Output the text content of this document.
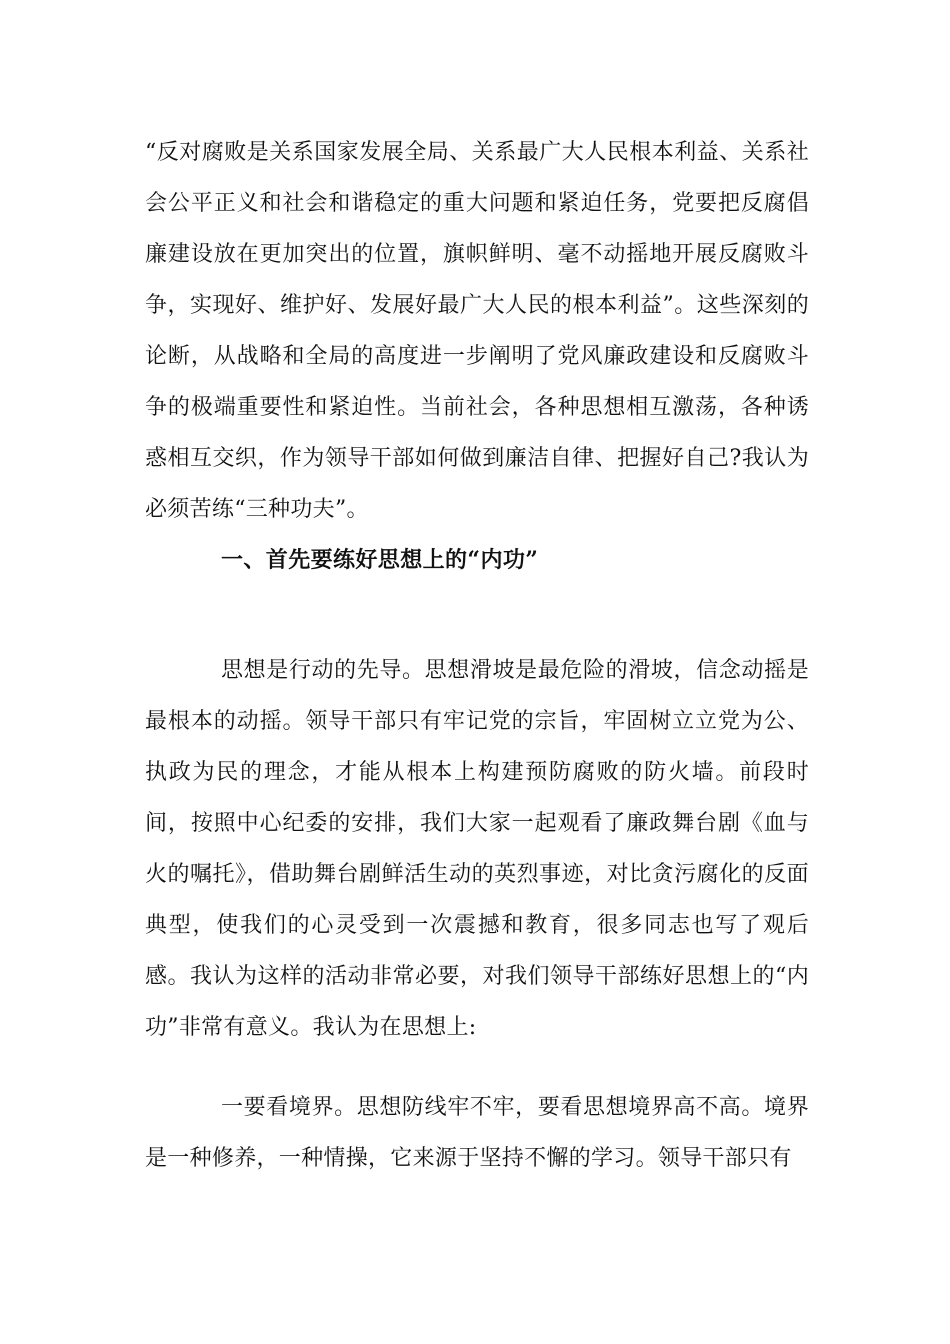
“反对腐败是关系国家发展全局、关系最广大人民根本利益、关系社会公平正义和社会和谐稳定的重大问题和紧迫任务，党要把反腐倡廉建设放在更加突出的位置，旗帜鲜明、毫不动摇地开展反腐败斗争，实现好、维护好、发展好最广大人民的根本利益”。这些深刻的论断，从战略和全局的高度进一步阐明了党风廉政建设和反腐败斗争的极端重要性和紧迫性。当前社会，各种思想相互激荡，各种诱惑相互交织，作为领导干部如何做到廉洁自律、把握好自己?我认为必须苦练“三种功夫”。

一、首先要练好思想上的“内功”

思想是行动的先导。思想滑坡是最危险的滑坡，信念动摇是最根本的动摇。领导干部只有牢记党的宗旨，牢固树立立党为公、执政为民的理念，才能从根本上构建预防腐败的防火墙。前段时间，按照中心纪委的安排，我们大家一起观看了廉政舞台剧《血与火的嘱托》，借助舞台剧鲜活生动的英烈事迹，对比贪污腐化的反面典型，使我们的心灵受到一次震撼和教育，很多同志也写了观后感。我认为这样的活动非常必要，对我们领导干部练好思想上的“内功”非常有意义。我认为在思想上:

一要看境界。思想防线牢不牢，要看思想境界高不高。境界是一种修养，一种情操，它来源于坚持不懈的学习。领导干部只有
